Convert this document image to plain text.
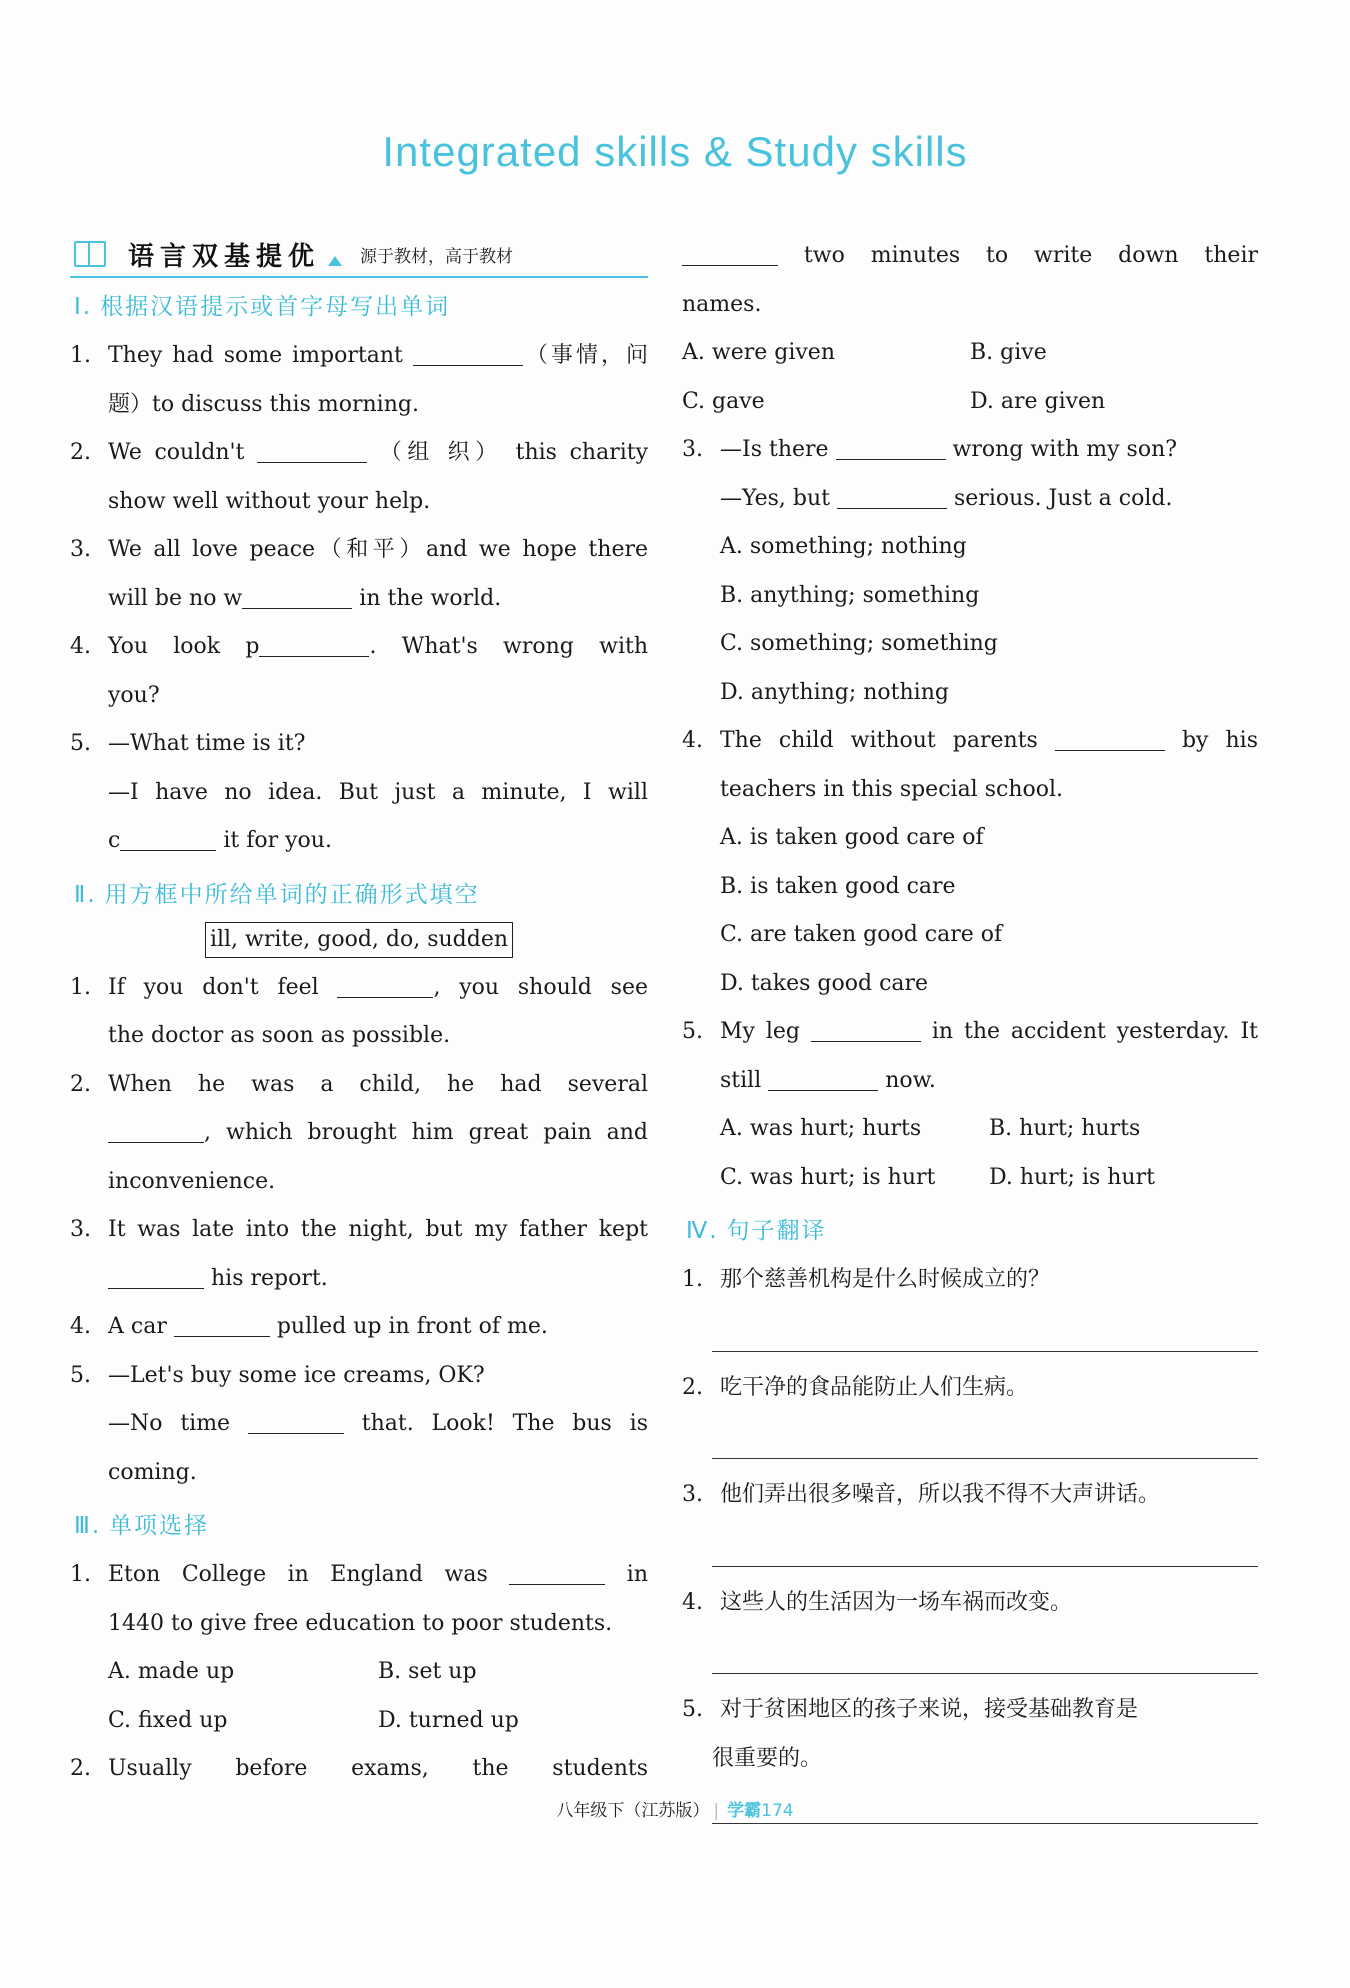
Integrated skills & Study skills
语言双基提优 源于教材，高于教材
Ⅰ. 根据汉语提示或首字母写出单词
1. They had some important	（事情，问
题）to discuss this morning.
2. We couldn't	（组 织） this charity
show well without your help.
3. We all love peace（和平）and we hope there
will be no w	in the world.
4. You look p	. What's wrong with
you?
5. —What time is it?
—I have no idea. But just a minute, I will
c	it for you.
Ⅱ. 用方框中所给单词的正确形式填空
ill, write, good, do, sudden
1. If you don't feel	, you should see
the doctor as soon as possible.
2. When he was a child, he had several
, which brought him great pain and
inconvenience.
3. It was late into the night, but my father kept
his report.
4. A car	pulled up in front of me.
5. —Let's buy some ice creams, OK?
—No time	that. Look! The bus is
coming.
Ⅲ. 单项选择
1. Eton College in England was	in
1440 to give free education to poor students.
A. made up	B. set up
C. fixed up	D. turned up
2. Usually before exams, the students
two minutes to write down their
names.
A. were given	B. give
C. gave	D. are given
3. —Is there	wrong with my son?
—Yes, but	serious. Just a cold.
A. something; nothing
B. anything; something
C. something; something
D. anything; nothing
4. The child without parents	by his
teachers in this special school.
A. is taken good care of
B. is taken good care
C. are taken good care of
D. takes good care
5. My leg	in the accident yesterday. It
still	now.
A. was hurt; hurts	B. hurt; hurts
C. was hurt; is hurt	D. hurt; is hurt
Ⅳ. 句子翻译
1. 那个慈善机构是什么时候成立的？
2. 吃干净的食品能防止人们生病。
3. 他们弄出很多噪音，所以我不得不大声讲话。
4. 这些人的生活因为一场车祸而改变。
5. 对于贫困地区的孩子来说，接受基础教育是
很重要的。
八年级下（江苏版） | 学霸174
